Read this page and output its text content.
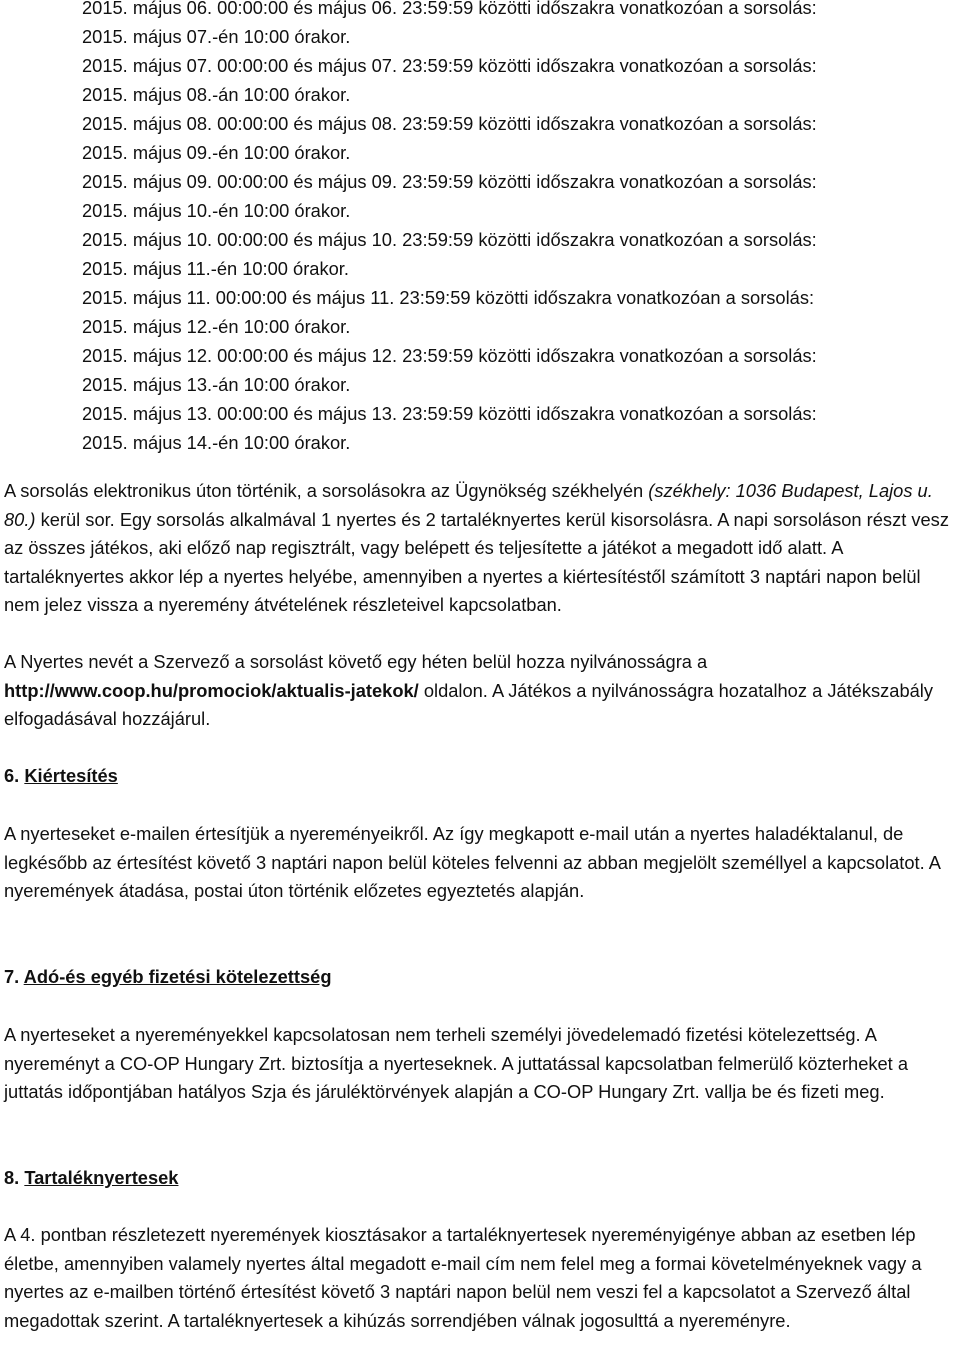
2015. május 06. 00:00:00 és május 06. 23:59:59 közötti időszakra vonatkozóan a sorsolás:
2015. május 07.-én 10:00 órakor.
2015. május 07. 00:00:00 és május 07. 23:59:59 közötti időszakra vonatkozóan a sorsolás:
2015. május 08.-án 10:00 órakor.
2015. május 08. 00:00:00 és május 08. 23:59:59 közötti időszakra vonatkozóan a sorsolás:
2015. május 09.-én 10:00 órakor.
2015. május 09. 00:00:00 és május 09. 23:59:59 közötti időszakra vonatkozóan a sorsolás:
2015. május 10.-én 10:00 órakor.
2015. május 10. 00:00:00 és május 10. 23:59:59 közötti időszakra vonatkozóan a sorsolás:
2015. május 11.-én 10:00 órakor.
2015. május 11. 00:00:00 és május 11. 23:59:59 közötti időszakra vonatkozóan a sorsolás:
2015. május 12.-én 10:00 órakor.
2015. május 12. 00:00:00 és május 12. 23:59:59 közötti időszakra vonatkozóan a sorsolás:
2015. május 13.-án 10:00 órakor.
2015. május 13. 00:00:00 és május 13. 23:59:59 közötti időszakra vonatkozóan a sorsolás:
2015. május 14.-én 10:00 órakor.

A sorsolás elektronikus úton történik, a sorsolásokra az Ügynökség székhelyén (székhely: 1036 Budapest, Lajos u. 80.) kerül sor. Egy sorsolás alkalmával 1 nyertes és 2 tartaléknyertes kerül kisorsolásra. A napi sorsoláson részt vesz az összes játékos, aki előző nap regisztrált, vagy belépett és teljesítette a játékot a megadott idő alatt. A tartaléknyertes akkor lép a nyertes helyébe, amennyiben a nyertes a kiértesítéstől számított 3 naptári napon belül nem jelez vissza a nyeremény átvételének részleteivel kapcsolatban.

A Nyertes nevét a Szervező a sorsolást követő egy héten belül hozza nyilvánosságra a http://www.coop.hu/promociok/aktualis-jatekok/ oldalon. A Játékos a nyilvánosságra hozatalhoz a Játékszabály elfogadásával hozzájárul.

6. Kiértesítés

A nyerteseket e-mailen értesítjük a nyereményeikről. Az így megkapott e-mail után a nyertes haladéktalanul, de legkésőbb az értesítést követő 3 naptári napon belül köteles felvenni az abban megjelölt személlyel a kapcsolatot. A nyeremények átadása, postai úton történik előzetes egyeztetés alapján.

7. Adó-és egyéb fizetési kötelezettség

A nyerteseket a nyereményekkel kapcsolatosan nem terheli személyi jövedelemadó fizetési kötelezettség. A nyereményt a CO-OP Hungary Zrt. biztosítja a nyerteseknek. A juttatással kapcsolatban felmerülő közterheket a juttatás időpontjában hatályos Szja és járuléktörvények alapján a CO-OP Hungary Zrt. vallja be és fizeti meg.

8. Tartaléknyertesek

A 4. pontban részletezett nyeremények kiosztásakor a tartaléknyertesek nyereményigénye abban az esetben lép életbe, amennyiben valamely nyertes által megadott e-mail cím nem felel meg a formai követelményeknek vagy a nyertes az e-mailben történő értesítést követő 3 naptári napon belül nem veszi fel a kapcsolatot a Szervező által megadottak szerint. A tartaléknyertesek a kihúzás sorrendjében válnak jogosulttá a nyereményre.
